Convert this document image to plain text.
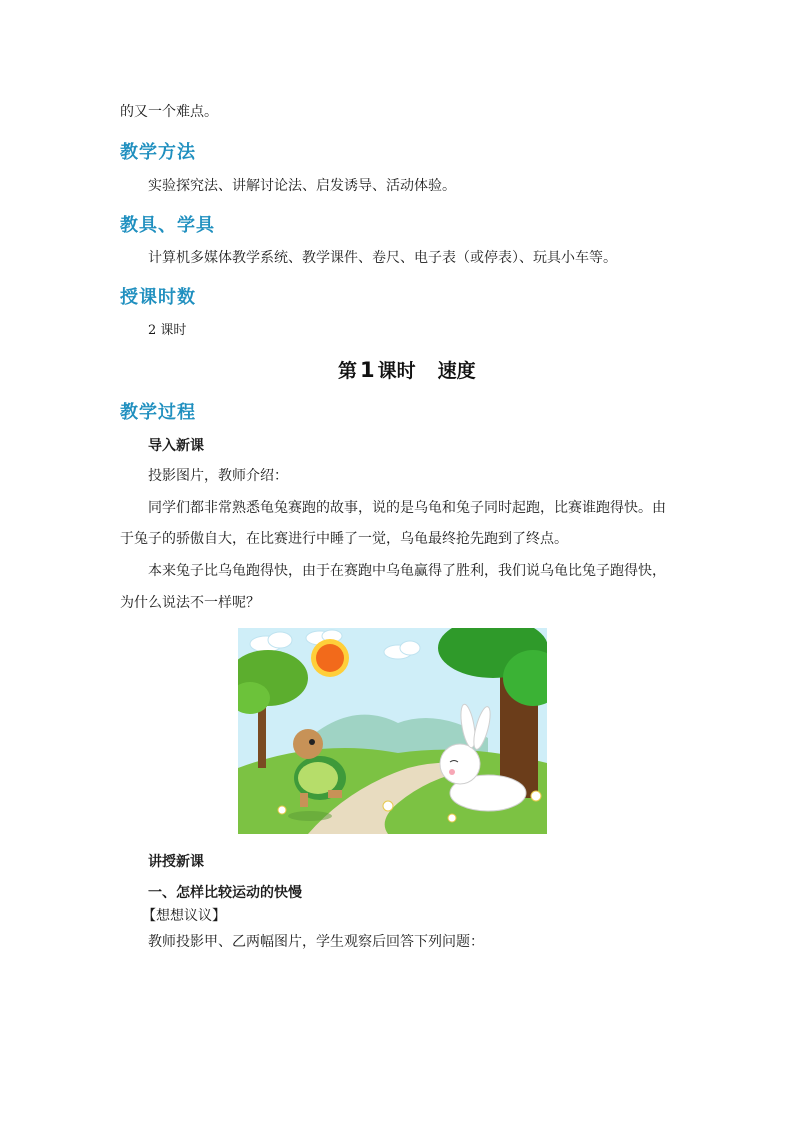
的又一个难点。
教学方法
实验探究法、讲解讨论法、启发诱导、活动体验。
教具、学具
计算机多媒体教学系统、教学课件、卷尺、电子表（或停表）、玩具小车等。
授课时数
2 课时
第 1 课时 速度
教学过程
导入新课
投影图片，教师介绍：
同学们都非常熟悉龟兔赛跑的故事，说的是乌龟和兔子同时起跑，比赛谁跑得快。由
于兔子的骄傲自大，在比赛进行中睡了一觉，乌龟最终抢先跑到了终点。
本来兔子比乌龟跑得快，由于在赛跑中乌龟赢得了胜利，我们说乌龟比兔子跑得快，
为什么说法不一样呢？
讲授新课
一、怎样比较运动的快慢
【想想议议】
教师投影甲、乙两幅图片，学生观察后回答下列问题：
